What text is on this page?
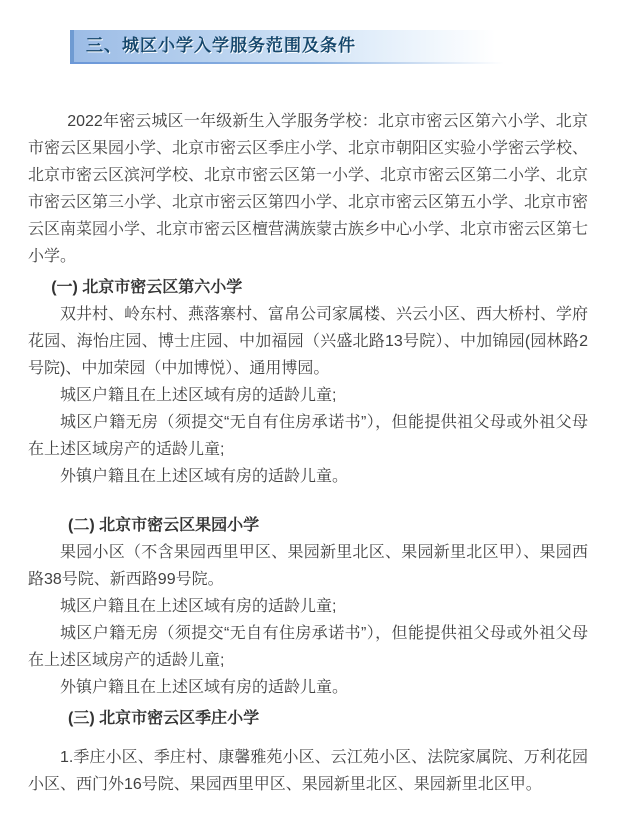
三、城区小学入学服务范围及条件

2022年密云城区一年级新生入学服务学校：北京市密云区第六小学、北京市密云区果园小学、北京市密云区季庄小学、北京市朝阳区实验小学密云学校、北京市密云区滨河学校、北京市密云区第一小学、北京市密云区第二小学、北京市密云区第三小学、北京市密云区第四小学、北京市密云区第五小学、北京市密云区南菜园小学、北京市密云区檀营满族蒙古族乡中心小学、北京市密云区第七小学。

(一) 北京市密云区第六小学

双井村、岭东村、燕落寨村、富帛公司家属楼、兴云小区、西大桥村、学府花园、海怡庄园、博士庄园、中加福园（兴盛北路13号院）、中加锦园(园林路2号院)、中加荣园（中加博悦）、通用博园。

城区户籍且在上述区域有房的适龄儿童;

城区户籍无房（须提交“无自有住房承诺书”），但能提供祖父母或外祖父母在上述区域房产的适龄儿童;

外镇户籍且在上述区域有房的适龄儿童。

(二) 北京市密云区果园小学

果园小区（不含果园西里甲区、果园新里北区、果园新里北区甲）、果园西路38号院、新西路99号院。

城区户籍且在上述区域有房的适龄儿童;

城区户籍无房（须提交“无自有住房承诺书”），但能提供祖父母或外祖父母在上述区域房产的适龄儿童;

外镇户籍且在上述区域有房的适龄儿童。

(三) 北京市密云区季庄小学

1.季庄小区、季庄村、康馨雅苑小区、云江苑小区、法院家属院、万利花园小区、西门外16号院、果园西里甲区、果园新里北区、果园新里北区甲。
